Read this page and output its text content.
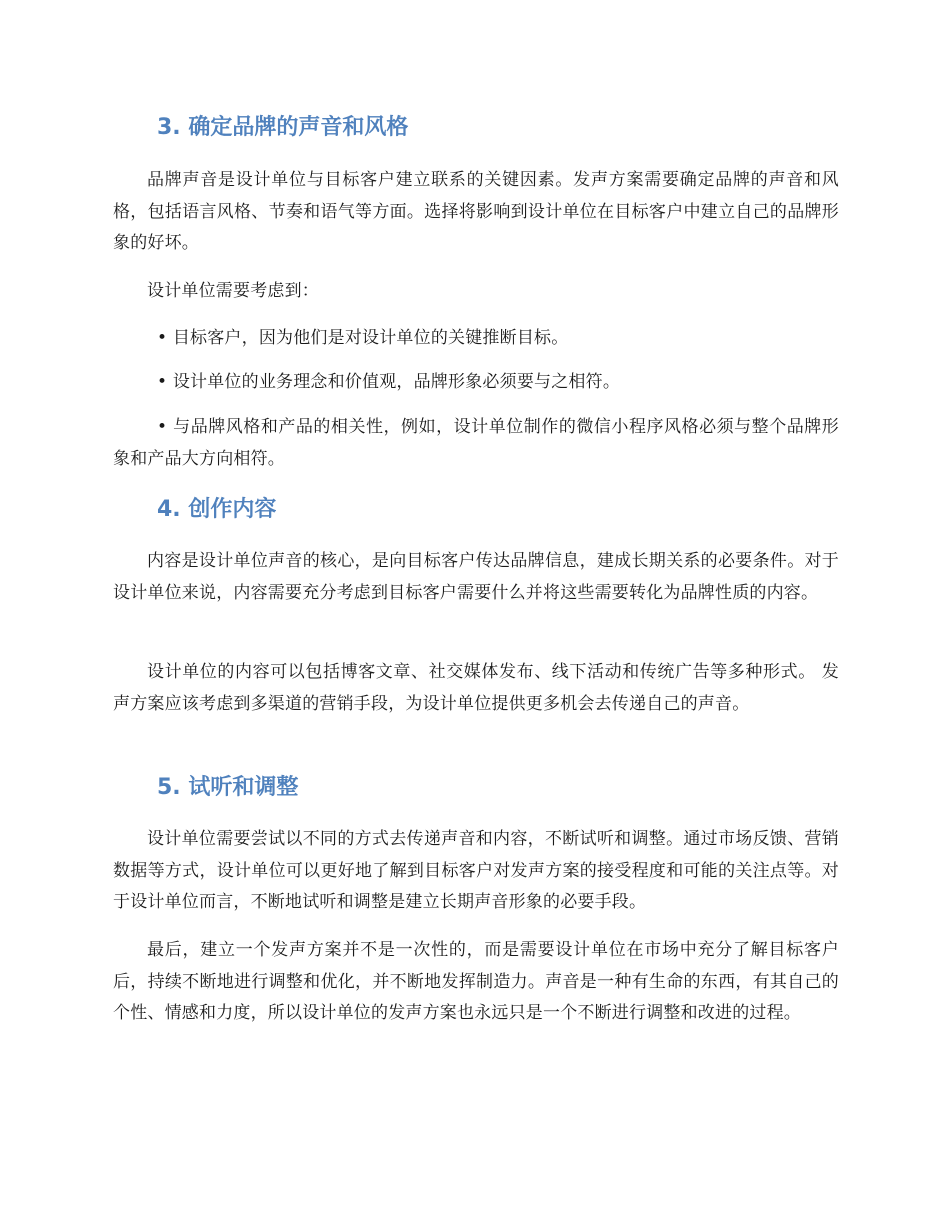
3. 确定品牌的声音和风格

品牌声音是设计单位与目标客户建立联系的关键因素。发声方案需要确定品牌的声音和风格，包括语言风格、节奏和语气等方面。选择将影响到设计单位在目标客户中建立自己的品牌形象的好坏。

设计单位需要考虑到：

• 目标客户，因为他们是对设计单位的关键推断目标。

• 设计单位的业务理念和价值观，品牌形象必须要与之相符。

• 与品牌风格和产品的相关性，例如，设计单位制作的微信小程序风格必须与整个品牌形象和产品大方向相符。

4. 创作内容

内容是设计单位声音的核心，是向目标客户传达品牌信息，建成长期关系的必要条件。对于设计单位来说，内容需要充分考虑到目标客户需要什么并将这些需要转化为品牌性质的内容。

设计单位的内容可以包括博客文章、社交媒体发布、线下活动和传统广告等多种形式。 发声方案应该考虑到多渠道的营销手段，为设计单位提供更多机会去传递自己的声音。

5. 试听和调整

设计单位需要尝试以不同的方式去传递声音和内容，不断试听和调整。通过市场反馈、营销数据等方式，设计单位可以更好地了解到目标客户对发声方案的接受程度和可能的关注点等。对于设计单位而言，不断地试听和调整是建立长期声音形象的必要手段。

最后，建立一个发声方案并不是一次性的，而是需要设计单位在市场中充分了解目标客户后，持续不断地进行调整和优化，并不断地发挥制造力。声音是一种有生命的东西，有其自己的个性、情感和力度，所以设计单位的发声方案也永远只是一个不断进行调整和改进的过程。
